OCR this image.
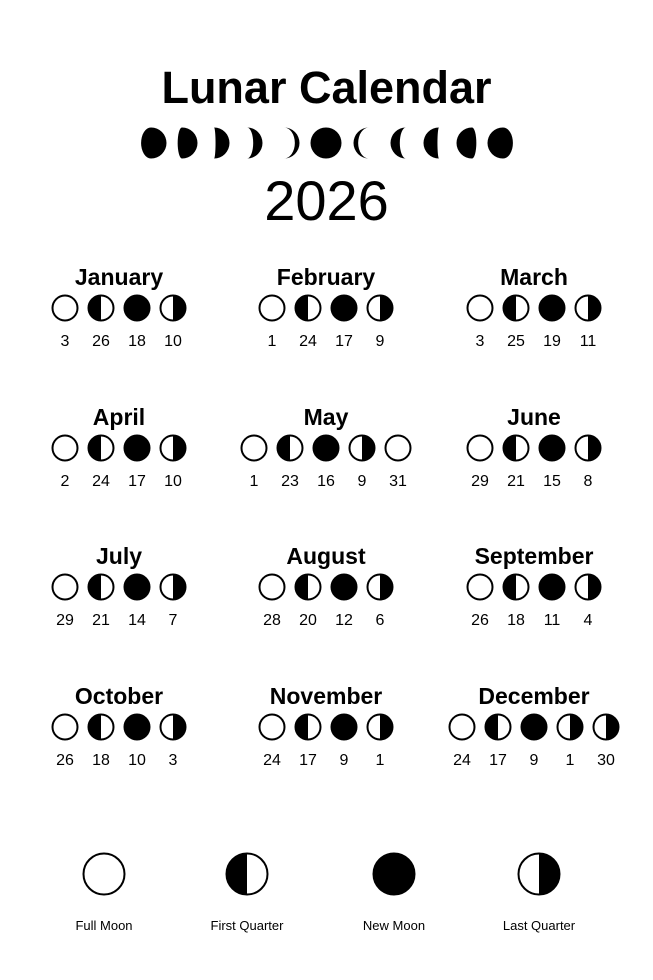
Lunar Calendar
2026
January
3	26	18	10
February
1	24	17	9
March
3	25	19	11
April
2	24	17	10
May
1	23	16	9	31
June
29	21	15	8
July
29	21	14	7
August
28	20	12	6
September
26	18	11	4
October
26	18	10	3
November
24	17	9	1
December
24	17	9	1	30
Full Moon	First Quarter	New Moon	Last Quarter
